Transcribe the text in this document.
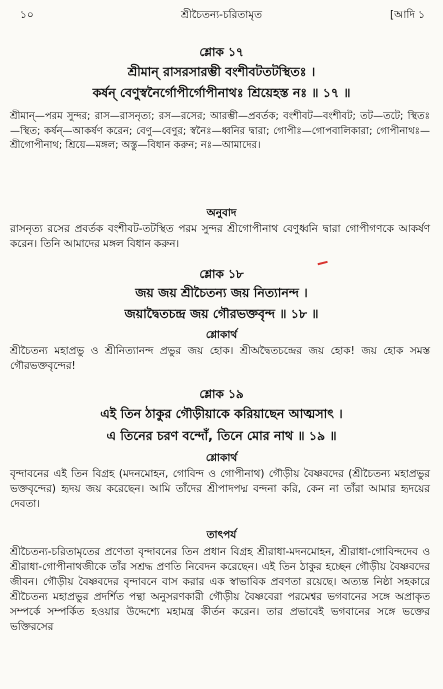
১০	শ্রীচৈতন্য-চরিতামৃত	[আদি ১
শ্লোক ১৭
শ্রীমান্ রাসরসারম্ভী বংশীবটতটস্থিতঃ ।
কর্ষন্ বেণুস্বনৈর্গোপীর্গোপীনাথঃ শ্রিয়েহস্ত নঃ ॥ ১৭ ॥
শ্রীমান্—পরম সুন্দর; রাস—রাসনৃত্য; রস—রসের; আরম্ভী—প্রবর্তক; বংশীবট—বংশীবট; তট—তটে; স্থিতঃ—স্থিত; কর্ষন্—আকর্ষণ করেন; বেণু—বেণুর; স্বনৈঃ—ধ্বনির দ্বারা; গোপীঃ—গোপবালিকারা; গোপীনাথঃ—শ্রীগোপীনাথ; শ্রিয়ে—মঙ্গল; অস্তু—বিধান করুন; নঃ—আমাদের।
অনুবাদ
রাসনৃত্য রসের প্রবর্তক বংশীবট-তটস্থিত পরম সুন্দর শ্রীগোপীনাথ বেণুধ্বনি দ্বারা গোপীগণকে আকর্ষণ করেন। তিনি আমাদের মঙ্গল বিধান করুন।
শ্লোক ১৮
জয় জয় শ্রীচৈতন্য জয় নিত্যানন্দ ।
জয়াদ্বৈতচন্দ্র জয় গৌরভক্তবৃন্দ ॥ ১৮ ॥
শ্লোকার্থ
শ্রীচৈতন্য মহাপ্রভু ও শ্রীনিত্যানন্দ প্রভুর জয় হোক। শ্রীঅদ্বৈতচন্দ্রের জয় হোক! জয় হোক সমস্ত গৌরভক্তবৃন্দের!
শ্লোক ১৯
এই তিন ঠাকুর গৌড়ীয়াকে করিয়াছেন আত্মসাৎ ।
এ তিনের চরণ বন্দোঁ, তিনে মোর নাথ ॥ ১৯ ॥
শ্লোকার্থ
বৃন্দাবনের এই তিন বিগ্রহ (মদনমোহন, গোবিন্দ ও গোপীনাথ) গৌড়ীয় বৈষ্ণবদের (শ্রীচৈতন্য মহাপ্রভুর ভক্তবৃন্দের) হৃদয় জয় করেছেন। আমি তাঁদের শ্রীপাদপদ্ম বন্দনা করি, কেন না তাঁরা আমার হৃদয়ের দেবতা।
তাৎপর্য
শ্রীচৈতন্য-চরিতামৃতের প্রণেতা বৃন্দাবনের তিন প্রধান বিগ্রহ শ্রীরাধা-মদনমোহন, শ্রীরাধা-গোবিন্দদেব ও শ্রীরাধা-গোপীনাথজীকে তাঁর সশ্রদ্ধ প্রণতি নিবেদন করেছেন। এই তিন ঠাকুর হচ্ছেন গৌড়ীয় বৈষ্ণবদের জীবন। গৌড়ীয় বৈষ্ণবদের বৃন্দাবনে বাস করার এক স্বাভাবিক প্রবণতা রয়েছে। অত্যন্ত নিষ্ঠা সহকারে শ্রীচৈতন্য মহাপ্রভুর প্রদর্শিত পন্থা অনুসরণকারী গৌড়ীয় বৈষ্ণবেরা পরমেশ্বর ভগবানের সঙ্গে অপ্রাকৃত সম্পর্কে সম্পর্কিত হওয়ার উদ্দেশ্যে মহামন্ত্র কীর্তন করেন। তার প্রভাবেই ভগবানের সঙ্গে ভক্তের ভক্তিরসের
